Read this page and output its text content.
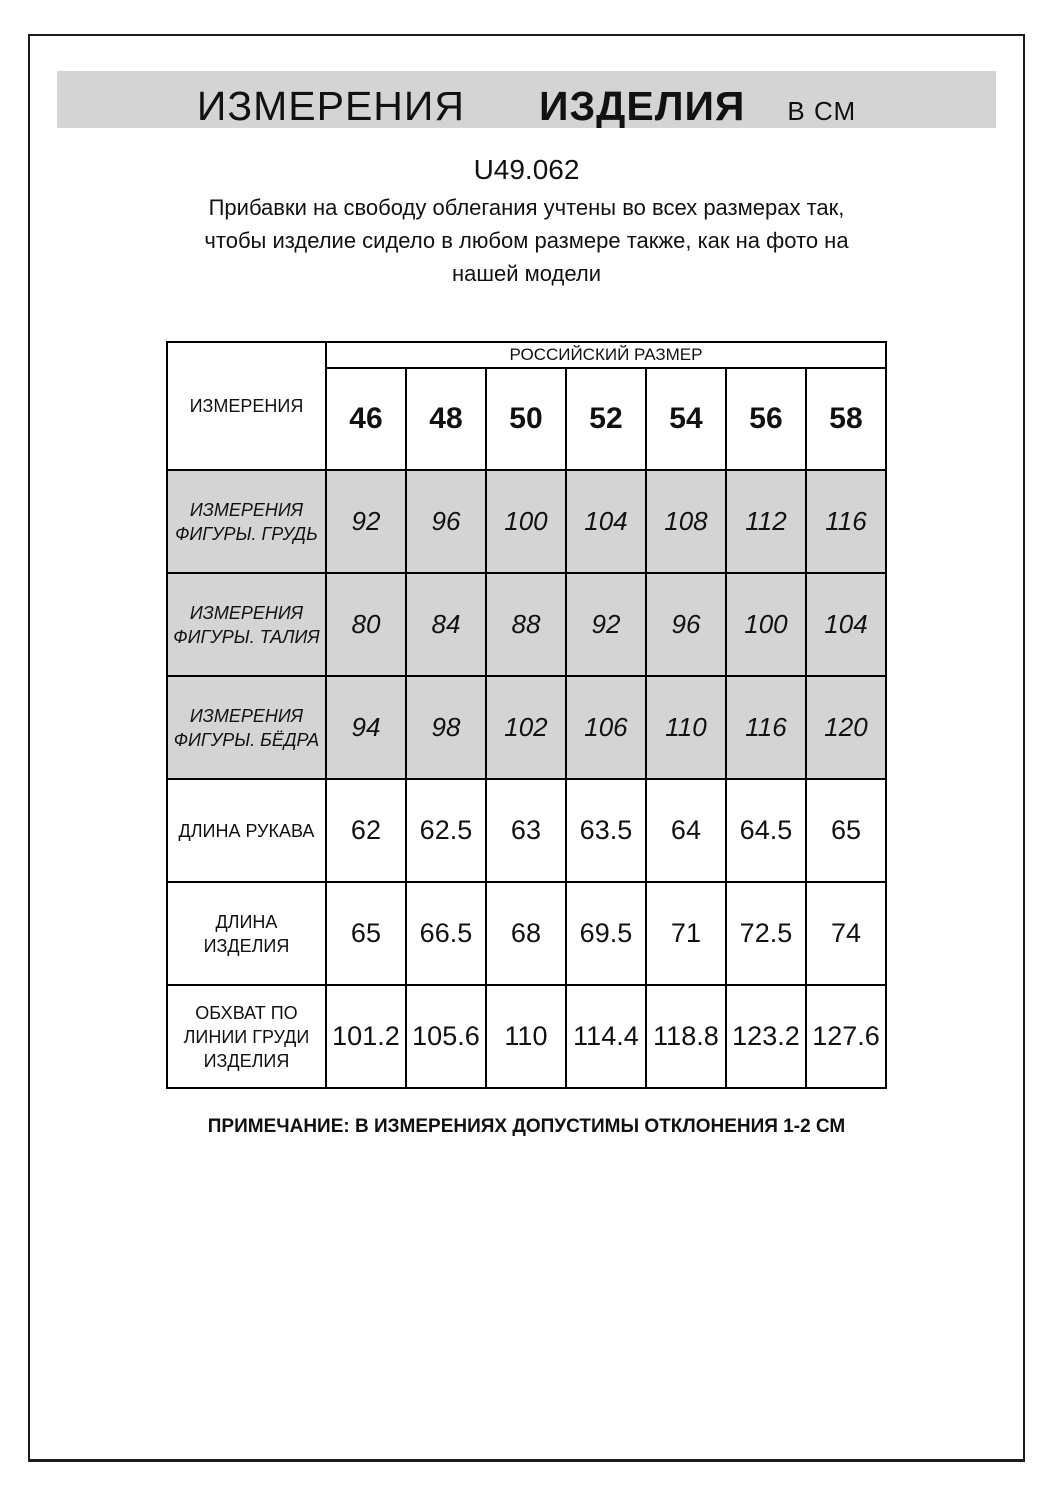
ИЗМЕРЕНИЯ ИЗДЕЛИЯ В СМ
U49.062
Прибавки на свободу облегания учтены во всех размерах так,
чтобы изделие сидело в любом размере также, как на фото на
нашей модели
ИЗМЕРЕНИЯ	РОССИЙСКИЙ РАЗМЕР						
	46	48	50	52	54	56	58
ИЗМЕРЕНИЯ ФИГУРЫ. ГРУДЬ	92	96	100	104	108	112	116
ИЗМЕРЕНИЯ ФИГУРЫ. ТАЛИЯ	80	84	88	92	96	100	104
ИЗМЕРЕНИЯ ФИГУРЫ. БЁДРА	94	98	102	106	110	116	120
ДЛИНА РУКАВА	62	62.5	63	63.5	64	64.5	65
ДЛИНА ИЗДЕЛИЯ	65	66.5	68	69.5	71	72.5	74
ОБХВАТ ПО ЛИНИИ ГРУДИ ИЗДЕЛИЯ	101.2	105.6	110	114.4	118.8	123.2	127.6
ПРИМЕЧАНИЕ: В ИЗМЕРЕНИЯХ ДОПУСТИМЫ ОТКЛОНЕНИЯ 1-2 СМ
